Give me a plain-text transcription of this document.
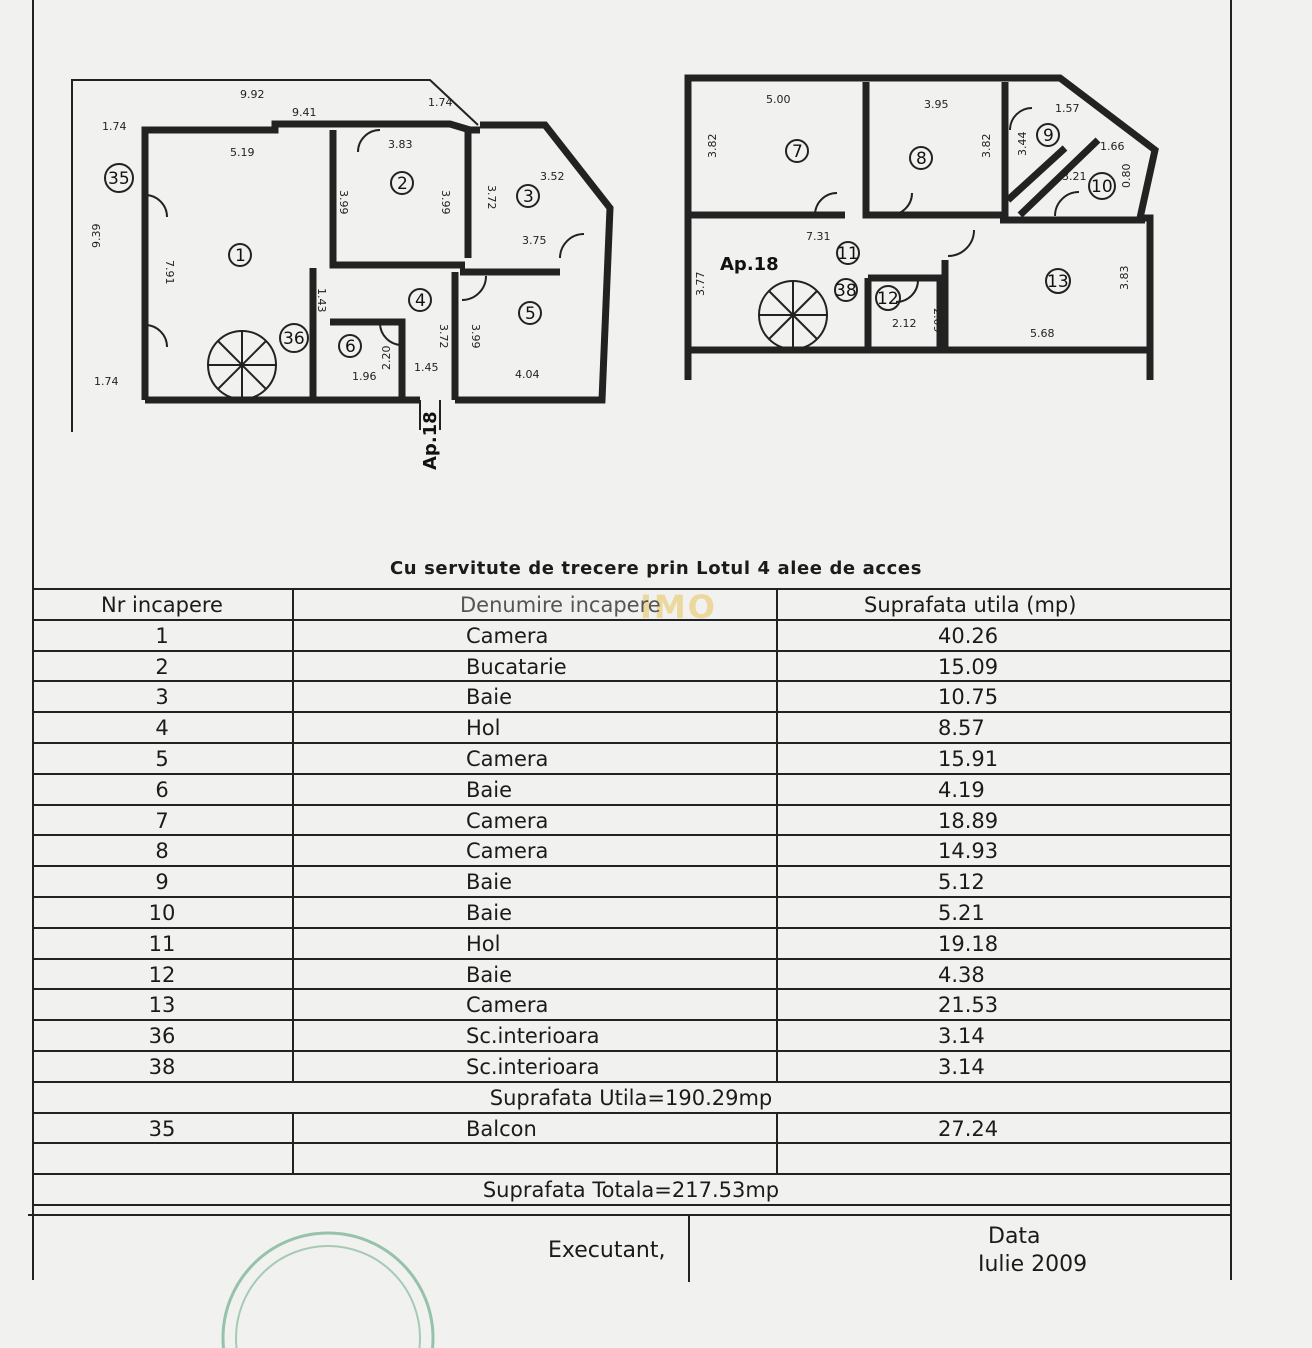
9.92
9.41
1.74
1.74
5.19
3.83
3.52
3.99	3.99	3.72
3.75
9.39
7.91
1.43
3.72 3.99
2.20
1.96
1.45
4.04
1.74
35
1
2
3
4
5
6
36
Ap.18
5.00	3.95	1.57
3.82	3.82 3.44	1.66
3.21	0.80
7.31
3.77
2.12 2.09
5.68
3.83
7	8
9
10
11
38 12
13
Ap.18
Cu servitute de trecere prin Lotul 4 alee de acces
IMO
Nr incapere	Denumire incapere	Suprafata utila (mp)
1	Camera	40.26
2	Bucatarie	15.09
3	Baie	10.75
4	Hol	8.57
5	Camera	15.91
6	Baie	4.19
7	Camera	18.89
8	Camera	14.93
9	Baie	5.12
10	Baie	5.21
11	Hol	19.18
12	Baie	4.38
13	Camera	21.53
36	Sc.interioara	3.14
38	Sc.interioara	3.14
Suprafata Utila=190.29mp
35	Balcon	27.24
Suprafata Totala=217.53mp
Executant,
Data
Iulie 2009
